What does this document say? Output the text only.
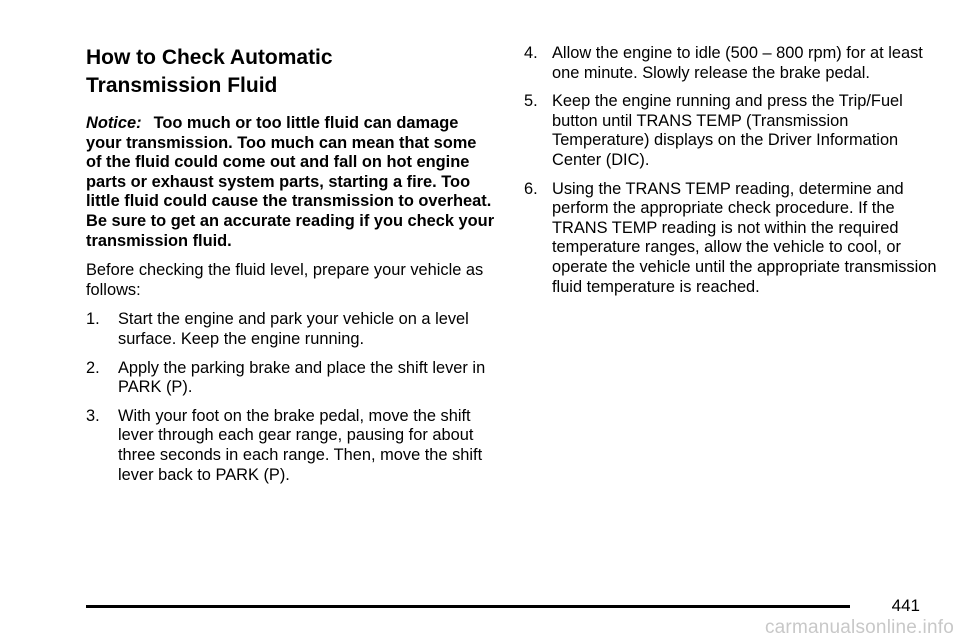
How to Check Automatic
Transmission Fluid

Notice: Too much or too little fluid can damage your transmission. Too much can mean that some of the fluid could come out and fall on hot engine parts or exhaust system parts, starting a fire. Too little fluid could cause the transmission to overheat. Be sure to get an accurate reading if you check your transmission fluid.

Before checking the fluid level, prepare your vehicle as follows:

1. Start the engine and park your vehicle on a level surface. Keep the engine running.
2. Apply the parking brake and place the shift lever in PARK (P).
3. With your foot on the brake pedal, move the shift lever through each gear range, pausing for about three seconds in each range. Then, move the shift lever back to PARK (P).
4. Allow the engine to idle (500 – 800 rpm) for at least one minute. Slowly release the brake pedal.
5. Keep the engine running and press the Trip/Fuel button until TRANS TEMP (Transmission Temperature) displays on the Driver Information Center (DIC).
6. Using the TRANS TEMP reading, determine and perform the appropriate check procedure. If the TRANS TEMP reading is not within the required temperature ranges, allow the vehicle to cool, or operate the vehicle until the appropriate transmission fluid temperature is reached.
441
carmanualsonline.info
